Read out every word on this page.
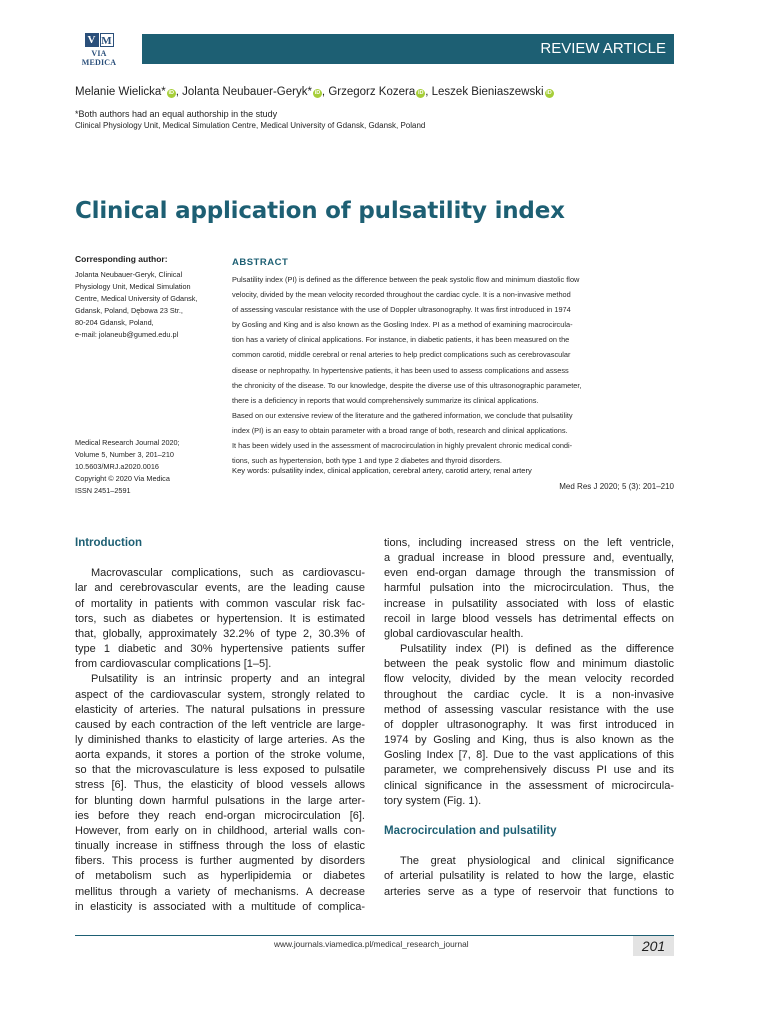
V M
VIA MEDICA
REVIEW ARTICLE
Melanie Wielicka* iD , Jolanta Neubauer-Geryk* iD , Grzegorz Kozera iD , Leszek Bieniaszewski iD
*Both authors had an equal authorship in the study
Clinical Physiology Unit, Medical Simulation Centre, Medical University of Gdansk, Gdansk, Poland
Clinical application of pulsatility index
Corresponding author:
Jolanta Neubauer-Geryk, Clinical
Physiology Unit, Medical Simulation
Centre, Medical University of Gdansk,
Gdansk, Poland, Dębowa 23 Str.,
80-204 Gdansk, Poland,
e-mail: jolaneub@gumed.edu.pl
Medical Research Journal 2020;
Volume 5, Number 3, 201–210
10.5603/MRJ.a2020.0016
Copyright © 2020 Via Medica
ISSN 2451–2591
ABSTRACT
Pulsatility index (PI) is defined as the difference between the peak systolic flow and minimum diastolic flow
velocity, divided by the mean velocity recorded throughout the cardiac cycle. It is a non-invasive method
of assessing vascular resistance with the use of Doppler ultrasonography. It was first introduced in 1974
by Gosling and King and is also known as the Gosling Index. PI as a method of examining macrocircula-
tion has a variety of clinical applications. For instance, in diabetic patients, it has been measured on the
common carotid, middle cerebral or renal arteries to help predict complications such as cerebrovascular
disease or nephropathy. In hypertensive patients, it has been used to assess complications and assess
the chronicity of the disease. To our knowledge, despite the diverse use of this ultrasonographic parameter,
there is a deficiency in reports that would comprehensively summarize its clinical applications.
Based on our extensive review of the literature and the gathered information, we conclude that pulsatility
index (PI) is an easy to obtain parameter with a broad range of both, research and clinical applications.
It has been widely used in the assessment of macrocirculation in highly prevalent chronic medical condi-
tions, such as hypertension, both type 1 and type 2 diabetes and thyroid disorders.
Key words: pulsatility index, clinical application, cerebral artery, carotid artery, renal artery
Med Res J 2020; 5 (3): 201–210
Introduction
Macrovascular complications, such as cardiovascu-
lar and cerebrovascular events, are the leading cause
of mortality in patients with common vascular risk fac-
tors, such as diabetes or hypertension. It is estimated
that, globally, approximately 32.2% of type 2, 30.3% of
type 1 diabetic and 30% hypertensive patients suffer
from cardiovascular complications [1–5].
Pulsatility is an intrinsic property and an integral
aspect of the cardiovascular system, strongly related to
elasticity of arteries. The natural pulsations in pressure
caused by each contraction of the left ventricle are large-
ly diminished thanks to elasticity of large arteries. As the
aorta expands, it stores a portion of the stroke volume,
so that the microvasculature is less exposed to pulsatile
stress [6]. Thus, the elasticity of blood vessels allows
for blunting down harmful pulsations in the large arter-
ies before they reach end-organ microcirculation [6].
However, from early on in childhood, arterial walls con-
tinually increase in stiffness through the loss of elastic
fibers. This process is further augmented by disorders
of metabolism such as hyperlipidemia or diabetes
mellitus through a variety of mechanisms. A decrease
in elasticity is associated with a multitude of complica-
tions, including increased stress on the left ventricle,
a gradual increase in blood pressure and, eventually,
even end-organ damage through the transmission of
harmful pulsation into the microcirculation. Thus, the
increase in pulsatility associated with loss of elastic
recoil in large blood vessels has detrimental effects on
global cardiovascular health.
Pulsatility index (PI) is defined as the difference
between the peak systolic flow and minimum diastolic
flow velocity, divided by the mean velocity recorded
throughout the cardiac cycle. It is a non-invasive
method of assessing vascular resistance with the use
of doppler ultrasonography. It was first introduced in
1974 by Gosling and King, thus is also known as the
Gosling Index [7, 8]. Due to the vast applications of this
parameter, we comprehensively discuss PI use and its
clinical significance in the assessment of microcircula-
tory system (Fig. 1).
Macrocirculation and pulsatility
The great physiological and clinical significance
of arterial pulsatility is related to how the large, elastic
arteries serve as a type of reservoir that functions to
www.journals.viamedica.pl/medical_research_journal	201
